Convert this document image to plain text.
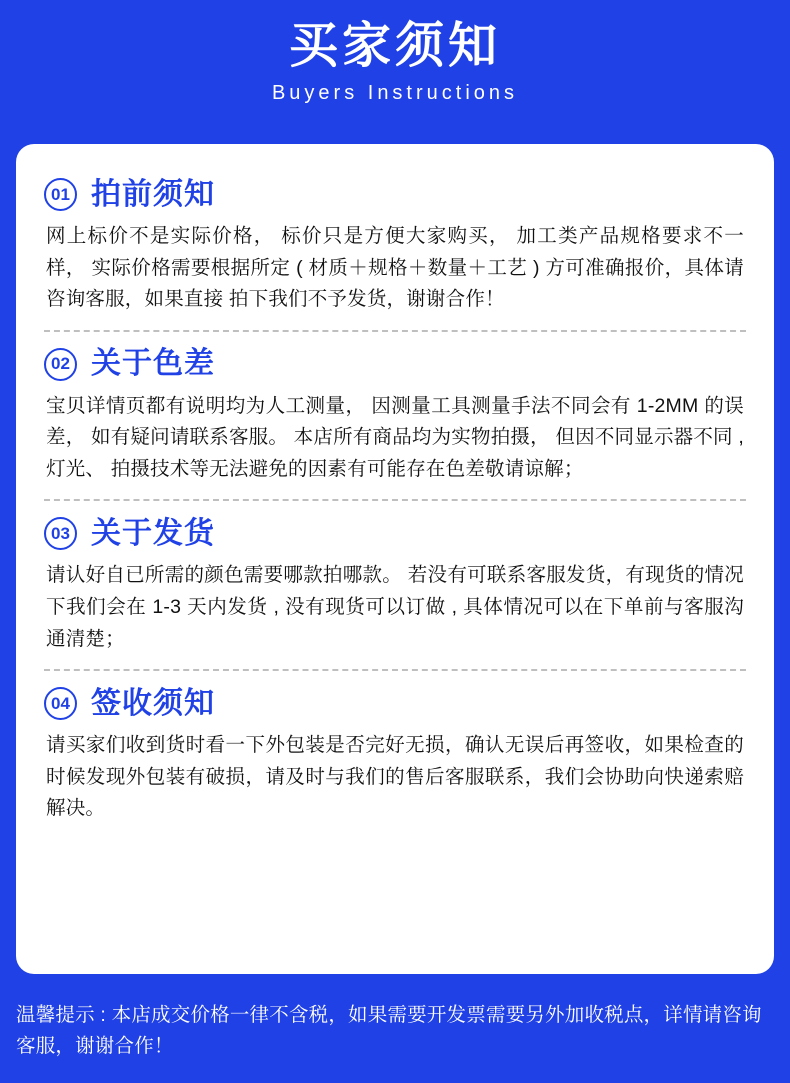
买家须知
Buyers Instructions
01 拍前须知
网上标价不是实际价格， 标价只是方便大家购买， 加工类产品规格要求不一样， 实际价格需要根据所定 ( 材质＋规格＋数量＋工艺 ) 方可准确报价，具体请咨询客服，如果直接 拍下我们不予发货，谢谢合作！
02 关于色差
宝贝详情页都有说明均为人工测量， 因测量工具测量手法不同会有 1-2MM 的误差， 如有疑问请联系客服。 本店所有商品均为实物拍摄， 但因不同显示器不同 , 灯光、 拍摄技术等无法避免的因素有可能存在色差敬请谅解；
03 关于发货
请认好自已所需的颜色需要哪款拍哪款。 若没有可联系客服发货，有现货的情况下我们会在 1-3 天内发货 , 没有现货可以订做 , 具体情况可以在下单前与客服沟通清楚；
04 签收须知
请买家们收到货时看一下外包装是否完好无损，确认无误后再签收，如果检查的时候发现外包装有破损，请及时与我们的售后客服联系，我们会协助向快递索赔解决。
温馨提示 : 本店成交价格一律不含税，如果需要开发票需要另外加收税点，详情请咨询客服，谢谢合作！
